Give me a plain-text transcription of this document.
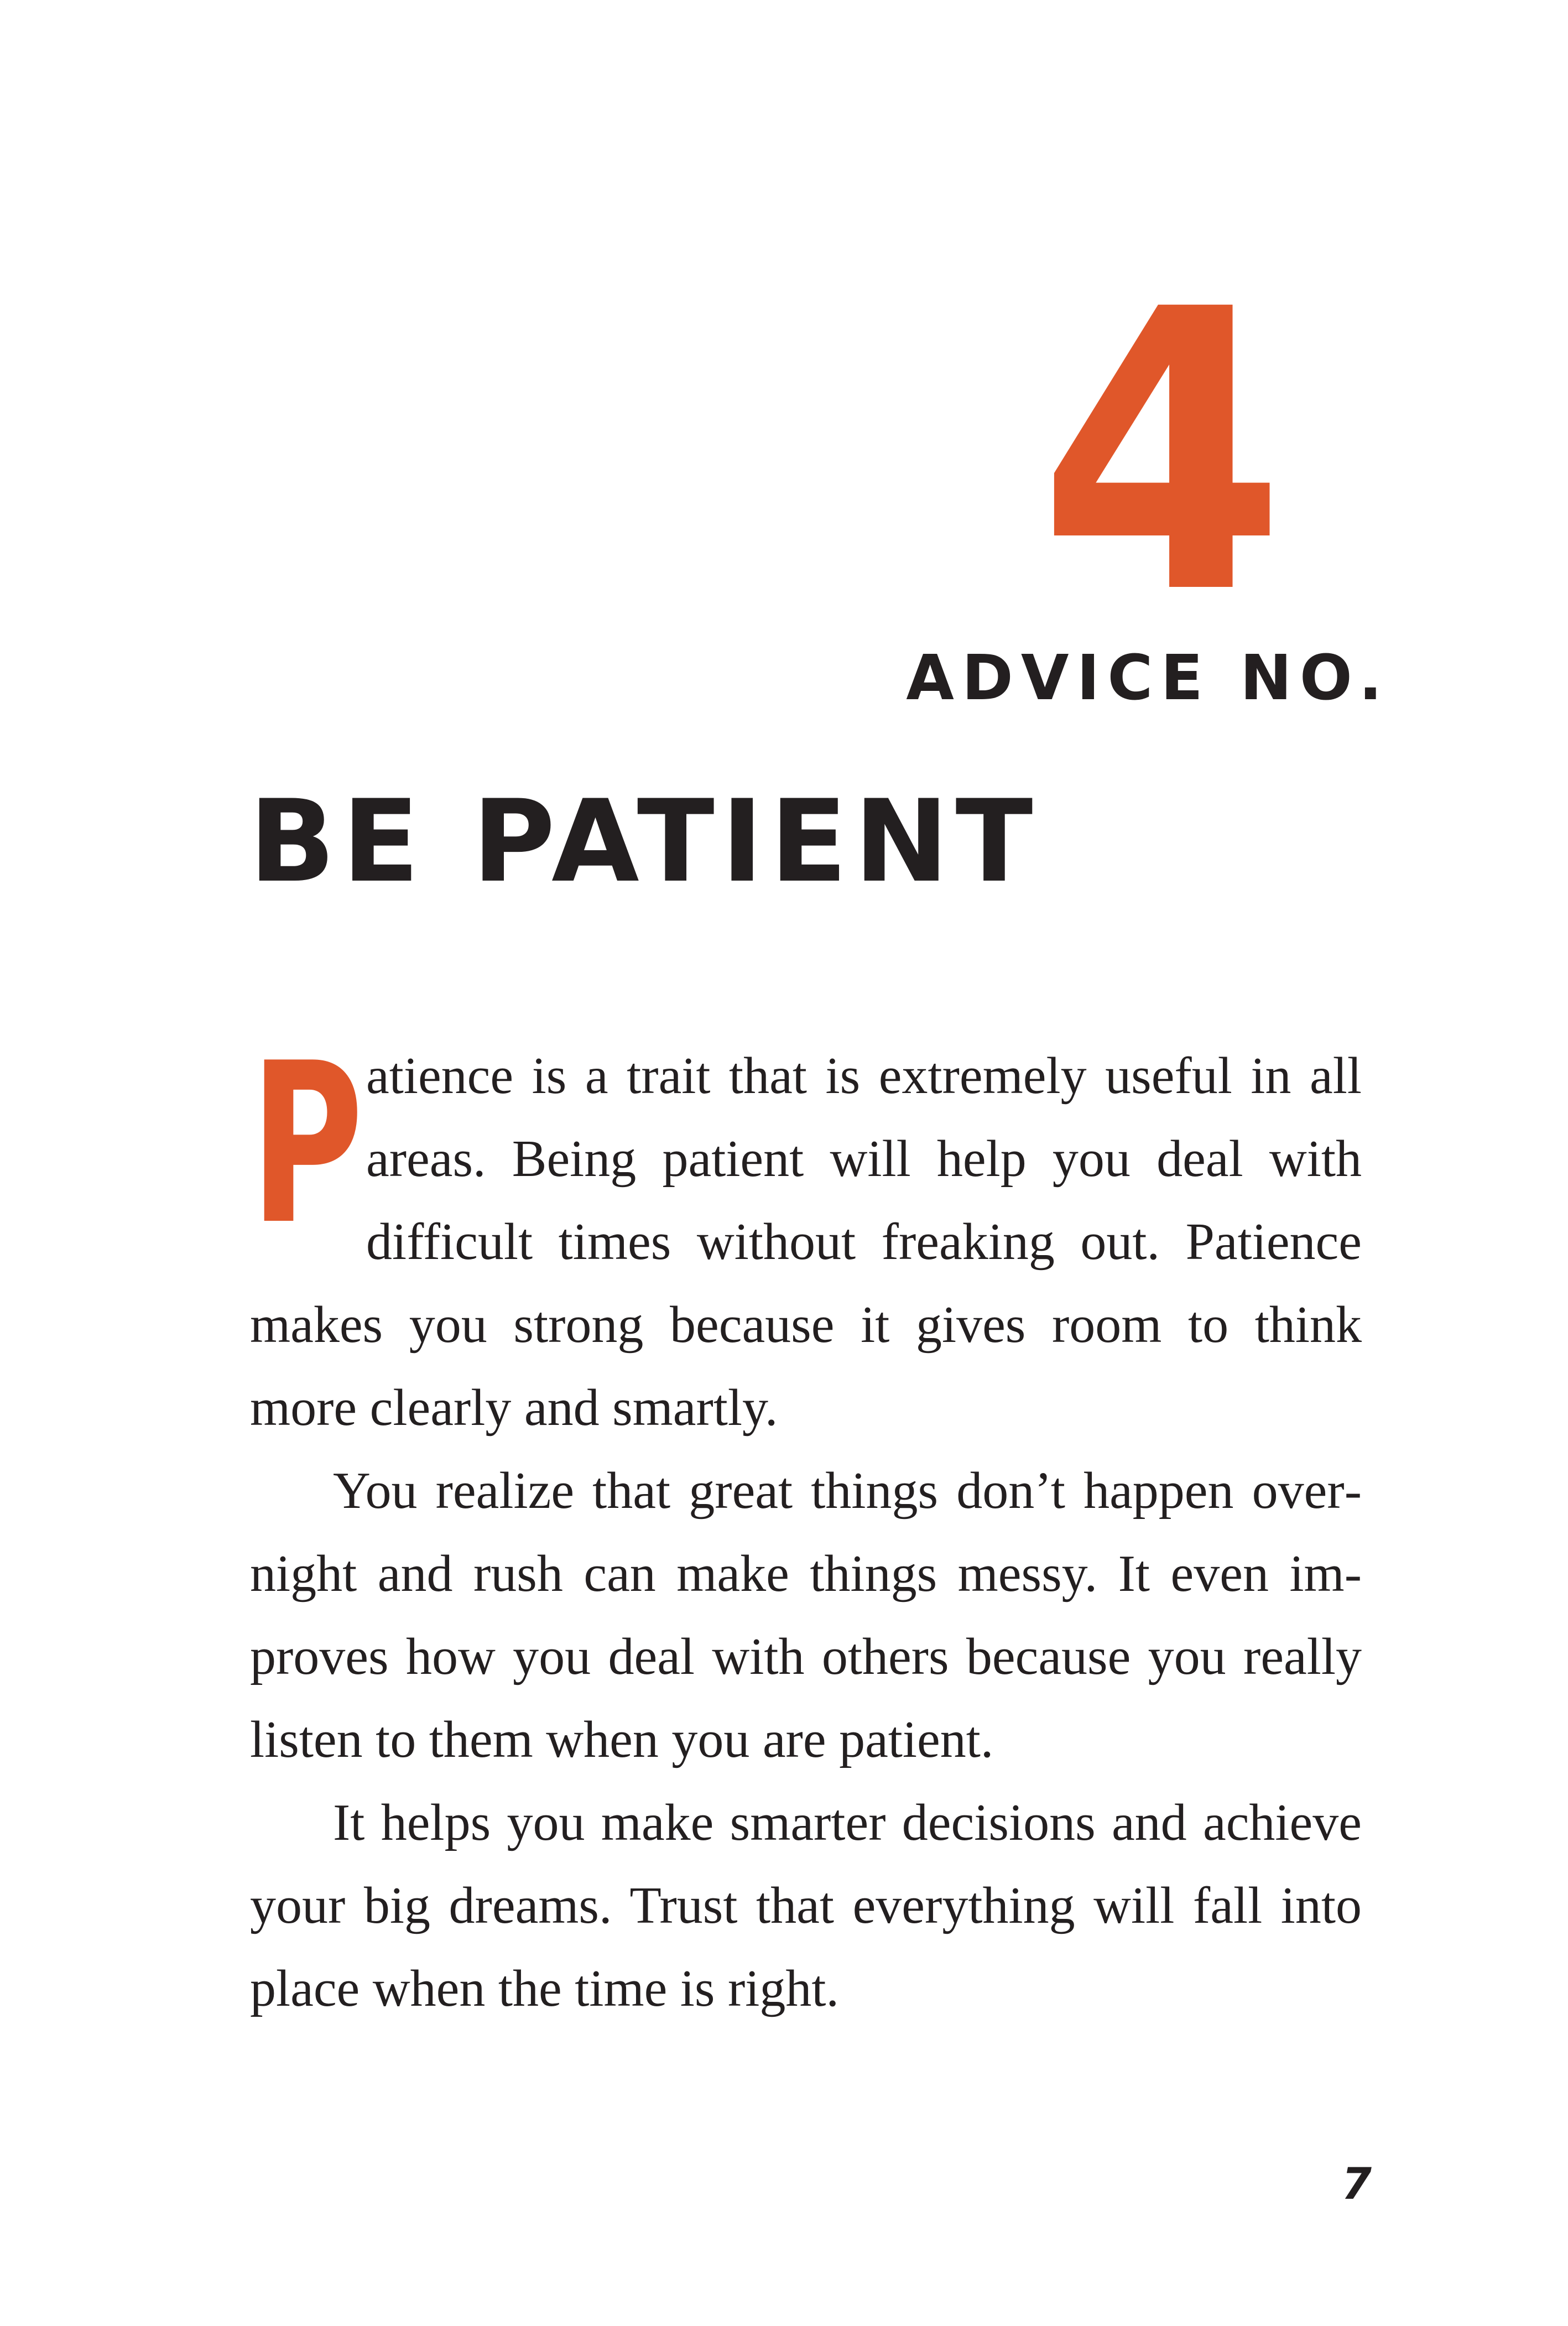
4
ADVICE NO.
BE PATIENT

Patience is a trait that is extremely useful in all areas. Being patient will help you deal with difficult times without freaking out. Patience makes you strong because it gives room to think more clearly and smartly.

You realize that great things don’t happen overnight and rush can make things messy. It even improves how you deal with others because you really listen to them when you are patient.

It helps you make smarter decisions and achieve your big dreams. Trust that everything will fall into place when the time is right.

7
